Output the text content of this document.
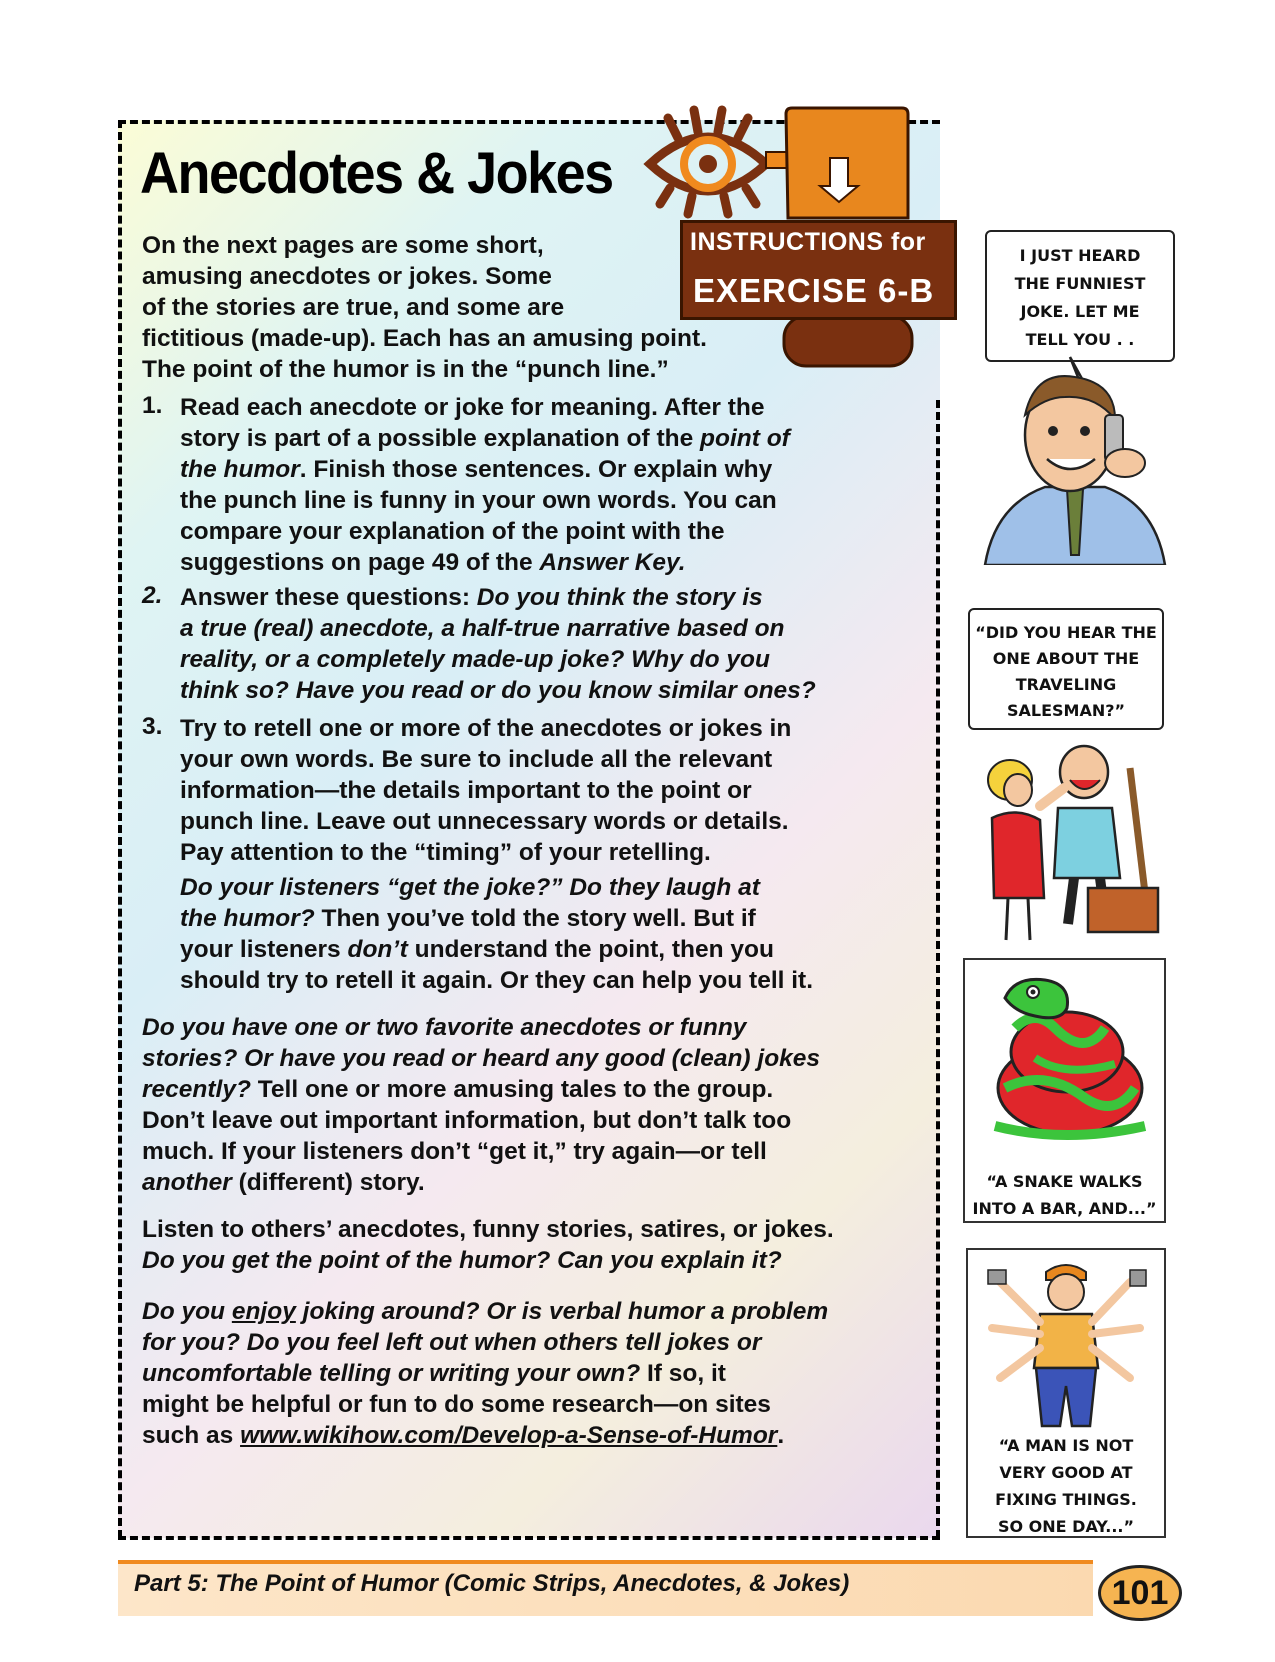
Anecdotes & Jokes
INSTRUCTIONS for
EXERCISE 6-B
On the next pages are some short,
amusing anecdotes or jokes. Some
of the stories are true, and some are
fictitious (made-up). Each has an amusing point.
The point of the humor is in the “punch line.”
1. Read each anecdote or joke for meaning. After the
story is part of a possible explanation of the point of
the humor. Finish those sentences. Or explain why
the punch line is funny in your own words. You can
compare your explanation of the point with the
suggestions on page 49 of the Answer Key.
2. Answer these questions: Do you think the story is
a true (real) anecdote, a half-true narrative based on
reality, or a completely made-up joke? Why do you
think so? Have you read or do you know similar ones?
3. Try to retell one or more of the anecdotes or jokes in
your own words. Be sure to include all the relevant
information—the details important to the point or
punch line. Leave out unnecessary words or details.
Pay attention to the “timing” of your retelling.
Do your listeners “get the joke?” Do they laugh at
the humor? Then you’ve told the story well. But if
your listeners don’t understand the point, then you
should try to retell it again. Or they can help you tell it.
Do you have one or two favorite anecdotes or funny
stories? Or have you read or heard any good (clean) jokes
recently? Tell one or more amusing tales to the group.
Don’t leave out important information, but don’t talk too
much. If your listeners don’t “get it,” try again—or tell
another (different) story.
Listen to others’ anecdotes, funny stories, satires, or jokes.
Do you get the point of the humor? Can you explain it?
Do you enjoy joking around? Or is verbal humor a problem
for you? Do you feel left out when others tell jokes or
uncomfortable telling or writing your own? If so, it
might be helpful or fun to do some research—on sites
such as www.wikihow.com/Develop-a-Sense-of-Humor.
I JUST HEARD
THE FUNNIEST
JOKE. LET ME
TELL YOU . .
“DID YOU HEAR THE
ONE ABOUT THE
TRAVELING
SALESMAN?”
“A SNAKE WALKS
INTO A BAR, AND...”
“A MAN IS NOT
VERY GOOD AT
FIXING THINGS.
SO ONE DAY...”
Part 5: The Point of Humor (Comic Strips, Anecdotes, & Jokes)	101
